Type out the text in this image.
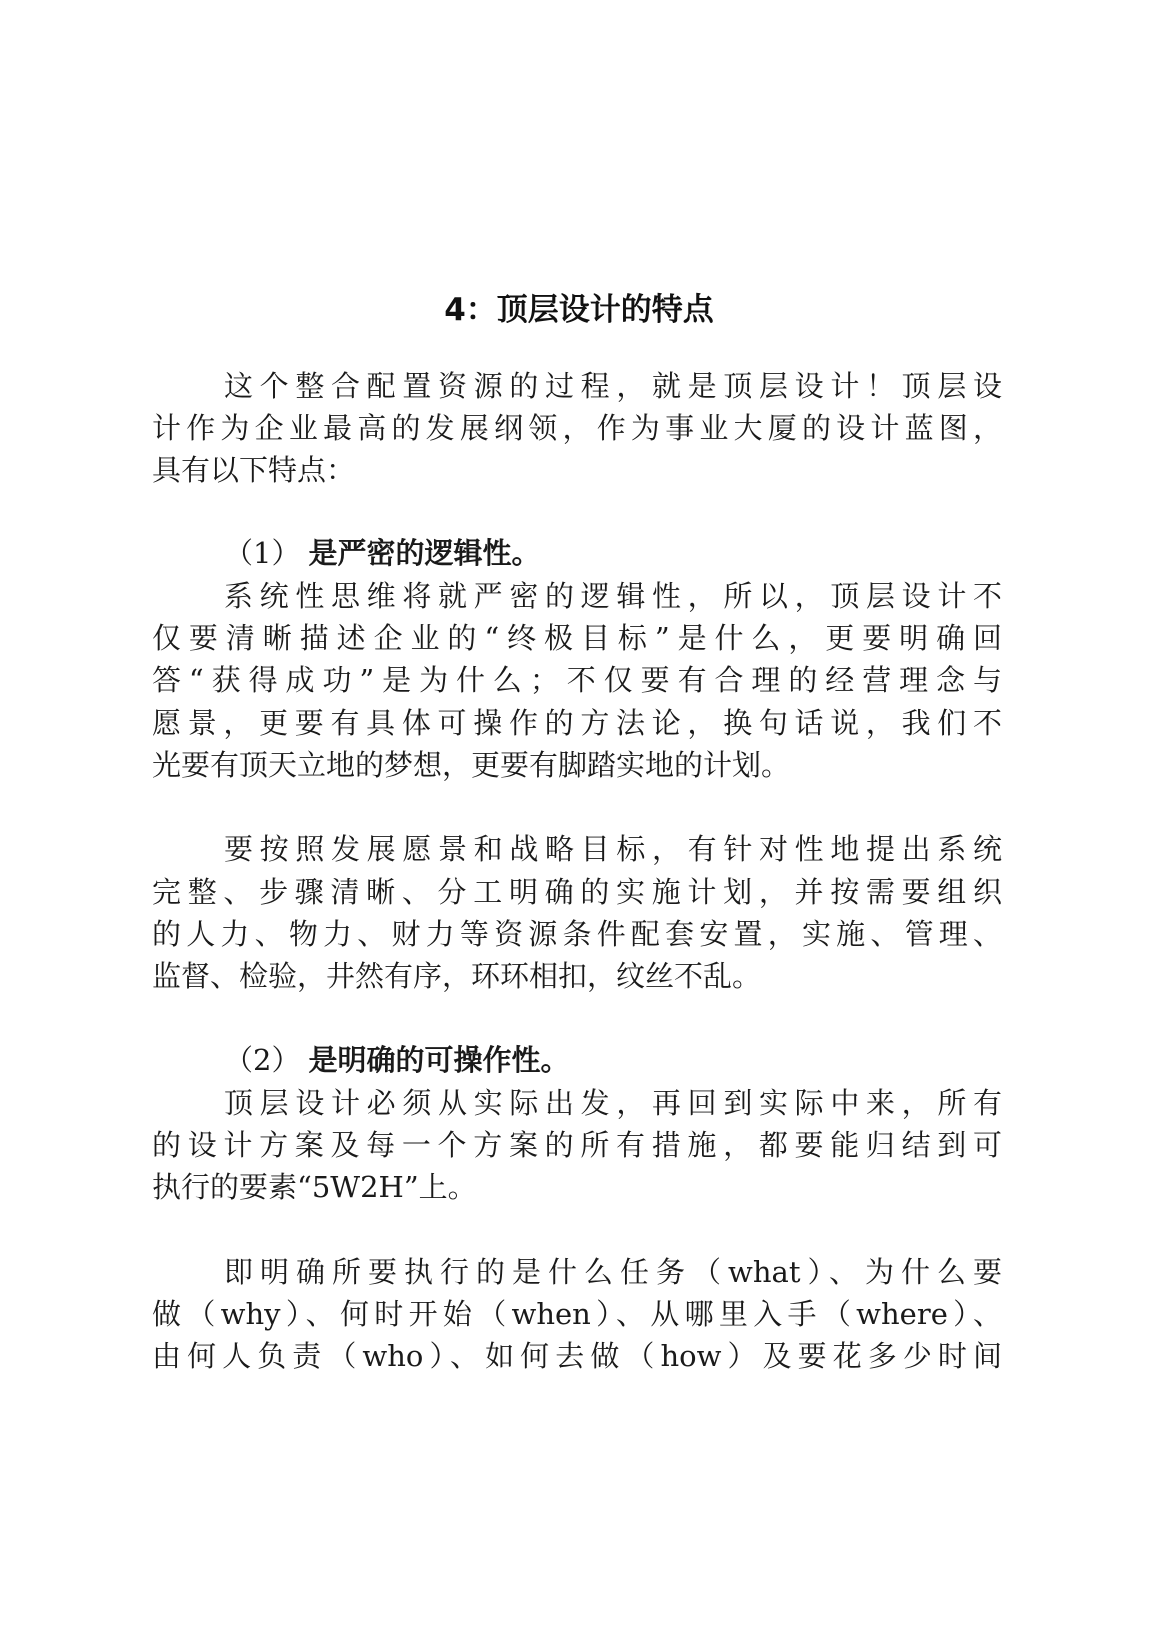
4：顶层设计的特点
这个整合配置资源的过程，就是顶层设计！顶层设
计作为企业最高的发展纲领，作为事业大厦的设计蓝图，
具有以下特点：
（1） 是严密的逻辑性。
系统性思维将就严密的逻辑性，所以，顶层设计不
仅要清晰描述企业的“终极目标”是什么，更要明确回
答“获得成功”是为什么；不仅要有合理的经营理念与
愿景，更要有具体可操作的方法论，换句话说，我们不
光要有顶天立地的梦想，更要有脚踏实地的计划。
要按照发展愿景和战略目标，有针对性地提出系统
完整、步骤清晰、分工明确的实施计划，并按需要组织
的人力、物力、财力等资源条件配套安置，实施、管理、
监督、检验，井然有序，环环相扣，纹丝不乱。
（2） 是明确的可操作性。
顶层设计必须从实际出发，再回到实际中来，所有
的设计方案及每一个方案的所有措施，都要能归结到可
执行的要素“5W2H”上。
即明确所要执行的是什么任务（what）、为什么要
做（why）、何时开始（when）、从哪里入手（where）、
由何人负责（who）、如何去做（how）及要花多少时间
